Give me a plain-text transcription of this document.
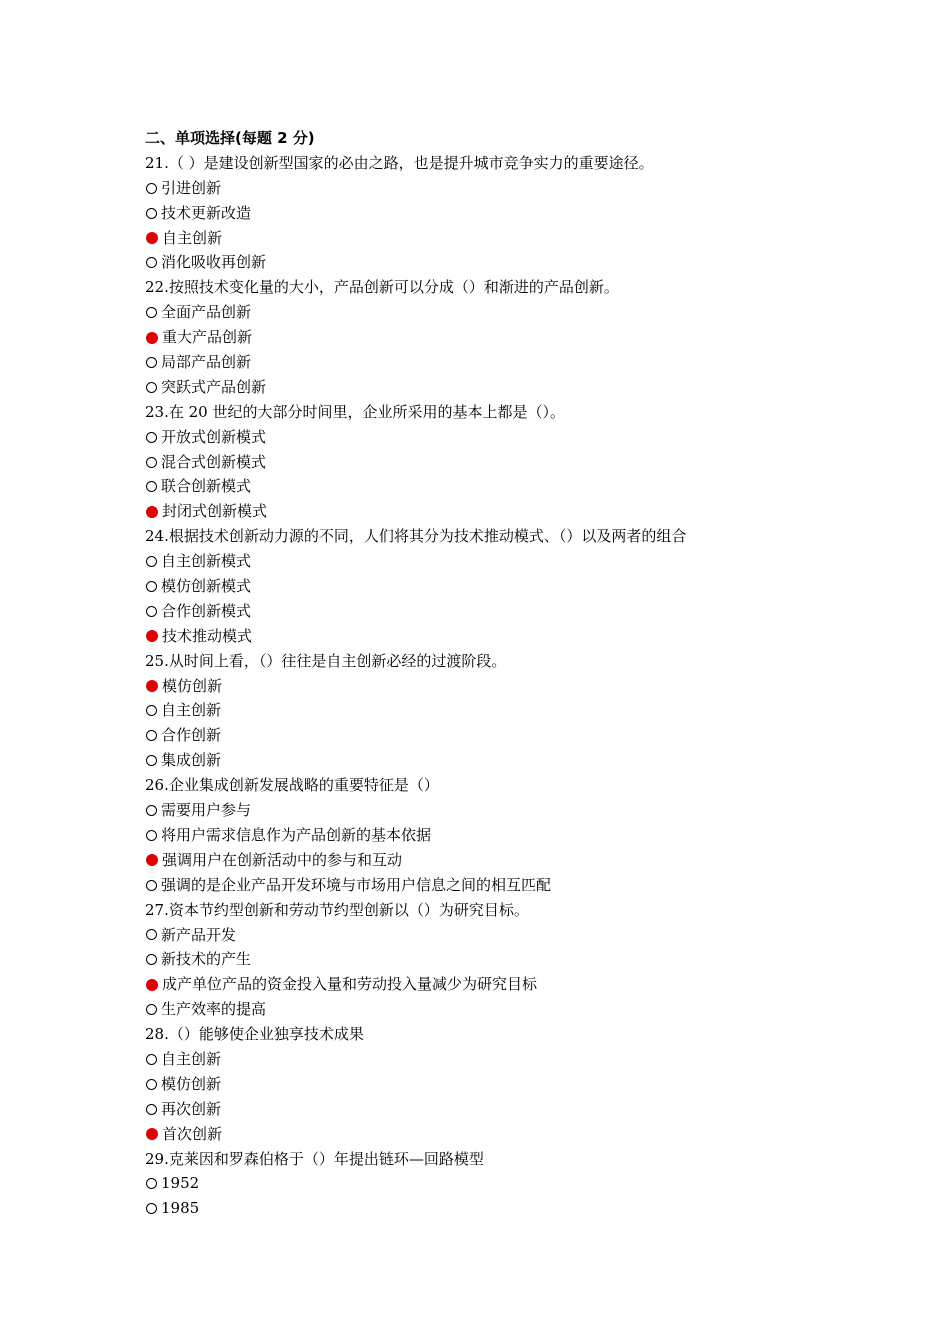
二、单项选择(每题 2 分)
21.（ ）是建设创新型国家的必由之路，也是提升城市竞争实力的重要途径。
引进创新
技术更新改造
自主创新
消化吸收再创新
22.按照技术变化量的大小，产品创新可以分成（）和渐进的产品创新。
全面产品创新
重大产品创新
局部产品创新
突跃式产品创新
23.在 20 世纪的大部分时间里，企业所采用的基本上都是（）。
开放式创新模式
混合式创新模式
联合创新模式
封闭式创新模式
24.根据技术创新动力源的不同，人们将其分为技术推动模式、（）以及两者的组合
自主创新模式
模仿创新模式
合作创新模式
技术推动模式
25.从时间上看，（）往往是自主创新必经的过渡阶段。
模仿创新
自主创新
合作创新
集成创新
26.企业集成创新发展战略的重要特征是（）
需要用户参与
将用户需求信息作为产品创新的基本依据
强调用户在创新活动中的参与和互动
强调的是企业产品开发环境与市场用户信息之间的相互匹配
27.资本节约型创新和劳动节约型创新以（）为研究目标。
新产品开发
新技术的产生
成产单位产品的资金投入量和劳动投入量减少为研究目标
生产效率的提高
28.（）能够使企业独享技术成果
自主创新
模仿创新
再次创新
首次创新
29.克莱因和罗森伯格于（）年提出链环—回路模型
1952
1985
